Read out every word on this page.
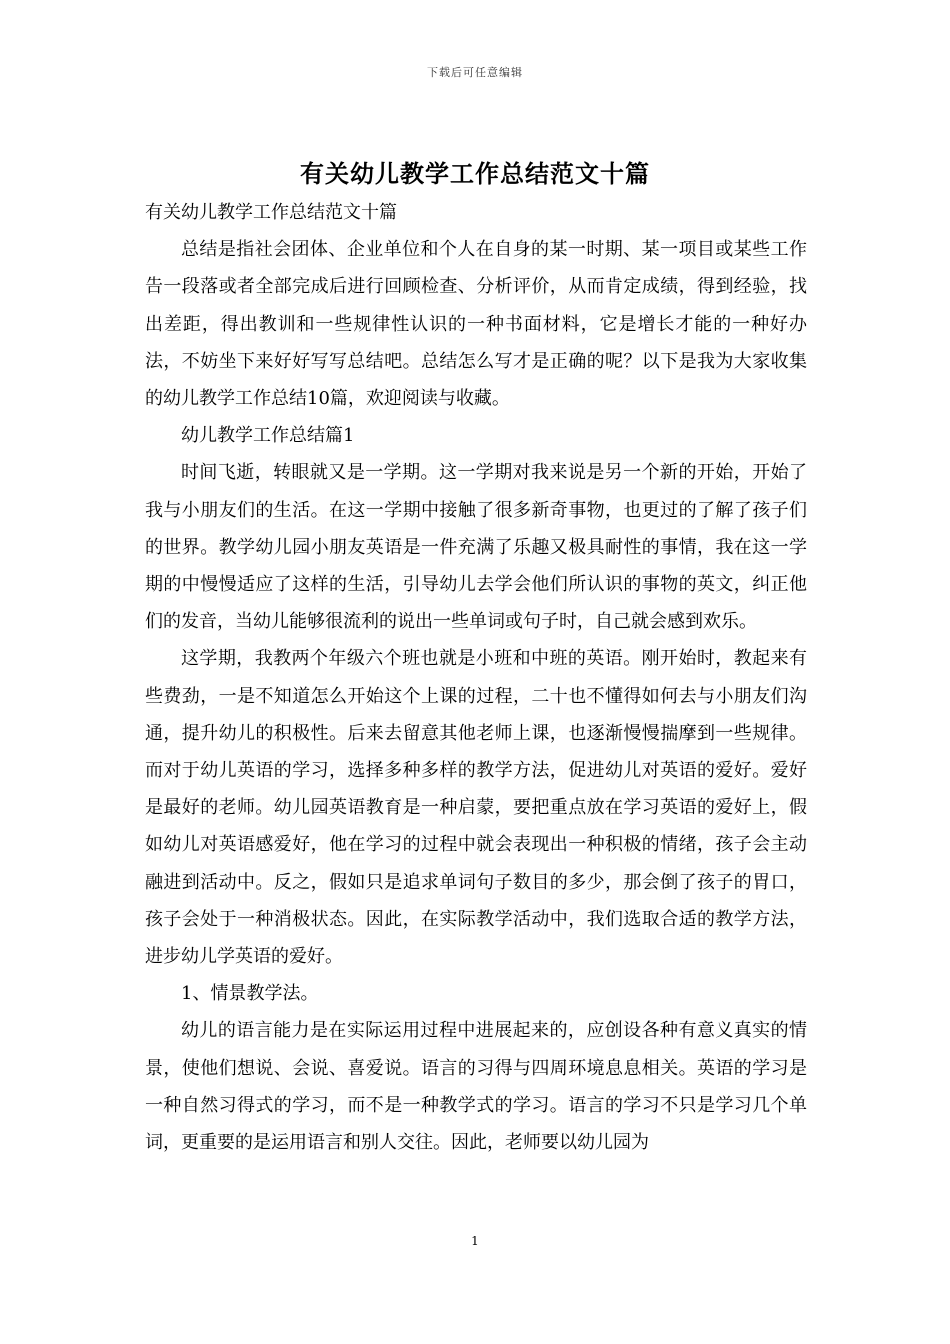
下载后可任意编辑
有关幼儿教学工作总结范文十篇

有关幼儿教学工作总结范文十篇

总结是指社会团体、企业单位和个人在自身的某一时期、某一项目或某些工作告一段落或者全部完成后进行回顾检查、分析评价，从而肯定成绩，得到经验，找出差距，得出教训和一些规律性认识的一种书面材料，它是增长才能的一种好办法，不妨坐下来好好写写总结吧。总结怎么写才是正确的呢？以下是我为大家收集的幼儿教学工作总结10篇，欢迎阅读与收藏。

幼儿教学工作总结篇1

时间飞逝，转眼就又是一学期。这一学期对我来说是另一个新的开始，开始了我与小朋友们的生活。在这一学期中接触了很多新奇事物，也更过的了解了孩子们的世界。教学幼儿园小朋友英语是一件充满了乐趣又极具耐性的事情，我在这一学期的中慢慢适应了这样的生活，引导幼儿去学会他们所认识的事物的英文，纠正他们的发音，当幼儿能够很流利的说出一些单词或句子时，自己就会感到欢乐。

这学期，我教两个年级六个班也就是小班和中班的英语。刚开始时，教起来有些费劲，一是不知道怎么开始这个上课的过程，二十也不懂得如何去与小朋友们沟通，提升幼儿的积极性。后来去留意其他老师上课，也逐渐慢慢揣摩到一些规律。而对于幼儿英语的学习，选择多种多样的教学方法，促进幼儿对英语的爱好。爱好是最好的老师。幼儿园英语教育是一种启蒙，要把重点放在学习英语的爱好上，假如幼儿对英语感爱好，他在学习的过程中就会表现出一种积极的情绪，孩子会主动融进到活动中。反之，假如只是追求单词句子数目的多少，那会倒了孩子的胃口，孩子会处于一种消极状态。因此，在实际教学活动中，我们选取合适的教学方法，进步幼儿学英语的爱好。

1、情景教学法。

幼儿的语言能力是在实际运用过程中进展起来的，应创设各种有意义真实的情景，使他们想说、会说、喜爱说。语言的习得与四周环境息息相关。英语的学习是一种自然习得式的学习，而不是一种教学式的学习。语言的学习不只是学习几个单词，更重要的是运用语言和别人交往。因此，老师要以幼儿园为

1
